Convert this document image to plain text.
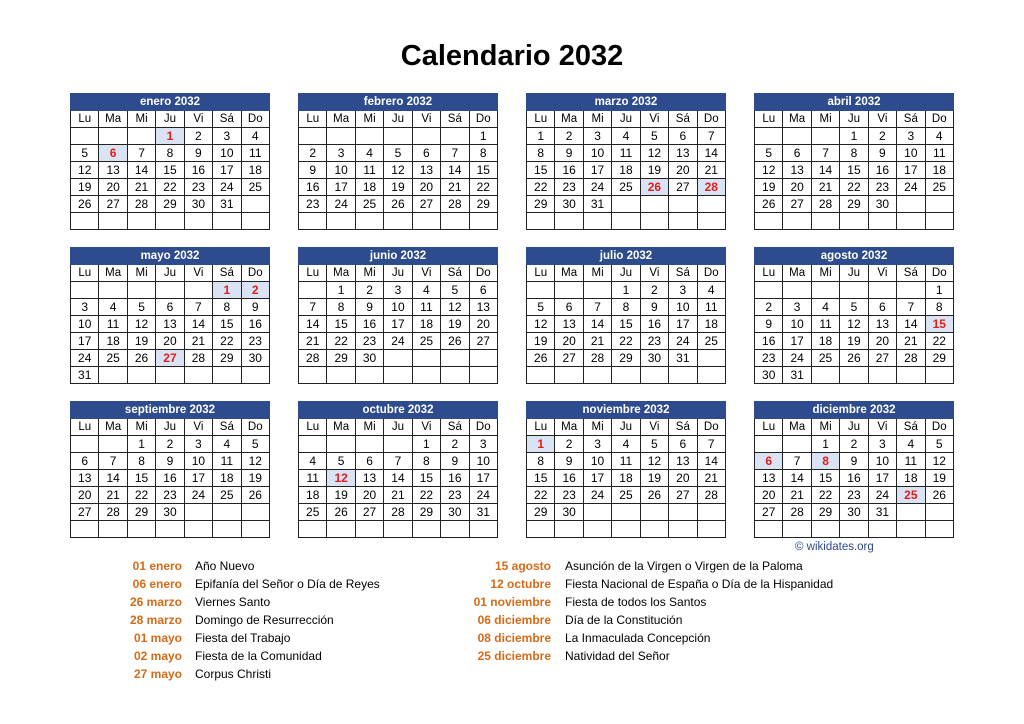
Calendario 2032
enero 2032						
Lu	Ma	Mi	Ju	Vi	Sá	Do
			1	2	3	4
5	6	7	8	9	10	11
12	13	14	15	16	17	18
19	20	21	22	23	24	25
26	27	28	29	30	31	

febrero 2032						
Lu	Ma	Mi	Ju	Vi	Sá	Do
						1
2	3	4	5	6	7	8
9	10	11	12	13	14	15
16	17	18	19	20	21	22
23	24	25	26	27	28	29

marzo 2032						
Lu	Ma	Mi	Ju	Vi	Sá	Do
1	2	3	4	5	6	7
8	9	10	11	12	13	14
15	16	17	18	19	20	21
22	23	24	25	26	27	28
29	30	31				

abril 2032						
Lu	Ma	Mi	Ju	Vi	Sá	Do
			1	2	3	4
5	6	7	8	9	10	11
12	13	14	15	16	17	18
19	20	21	22	23	24	25
26	27	28	29	30		

mayo 2032						
Lu	Ma	Mi	Ju	Vi	Sá	Do
					1	2
3	4	5	6	7	8	9
10	11	12	13	14	15	16
17	18	19	20	21	22	23
24	25	26	27	28	29	30
31						
junio 2032						
Lu	Ma	Mi	Ju	Vi	Sá	Do
	1	2	3	4	5	6
7	8	9	10	11	12	13
14	15	16	17	18	19	20
21	22	23	24	25	26	27
28	29	30				

julio 2032						
Lu	Ma	Mi	Ju	Vi	Sá	Do
			1	2	3	4
5	6	7	8	9	10	11
12	13	14	15	16	17	18
19	20	21	22	23	24	25
26	27	28	29	30	31	

agosto 2032						
Lu	Ma	Mi	Ju	Vi	Sá	Do
						1
2	3	4	5	6	7	8
9	10	11	12	13	14	15
16	17	18	19	20	21	22
23	24	25	26	27	28	29
30	31					
septiembre 2032						
Lu	Ma	Mi	Ju	Vi	Sá	Do
		1	2	3	4	5
6	7	8	9	10	11	12
13	14	15	16	17	18	19
20	21	22	23	24	25	26
27	28	29	30			

octubre 2032						
Lu	Ma	Mi	Ju	Vi	Sá	Do
				1	2	3
4	5	6	7	8	9	10
11	12	13	14	15	16	17
18	19	20	21	22	23	24
25	26	27	28	29	30	31

noviembre 2032						
Lu	Ma	Mi	Ju	Vi	Sá	Do
1	2	3	4	5	6	7
8	9	10	11	12	13	14
15	16	17	18	19	20	21
22	23	24	25	26	27	28
29	30					

diciembre 2032						
Lu	Ma	Mi	Ju	Vi	Sá	Do
		1	2	3	4	5
6	7	8	9	10	11	12
13	14	15	16	17	18	19
20	21	22	23	24	25	26
27	28	29	30	31		

© wikidates.org
01 enero Año Nuevo
06 enero Epifanía del Señor o Día de Reyes
26 marzo Viernes Santo
28 marzo Domingo de Resurrección
01 mayo Fiesta del Trabajo
02 mayo Fiesta de la Comunidad
27 mayo Corpus Christi
15 agosto Asunción de la Virgen o Virgen de la Paloma
12 octubre Fiesta Nacional de España o Día de la Hispanidad
01 noviembre Fiesta de todos los Santos
06 diciembre Día de la Constitución
08 diciembre La Inmaculada Concepción
25 diciembre Natividad del Señor
